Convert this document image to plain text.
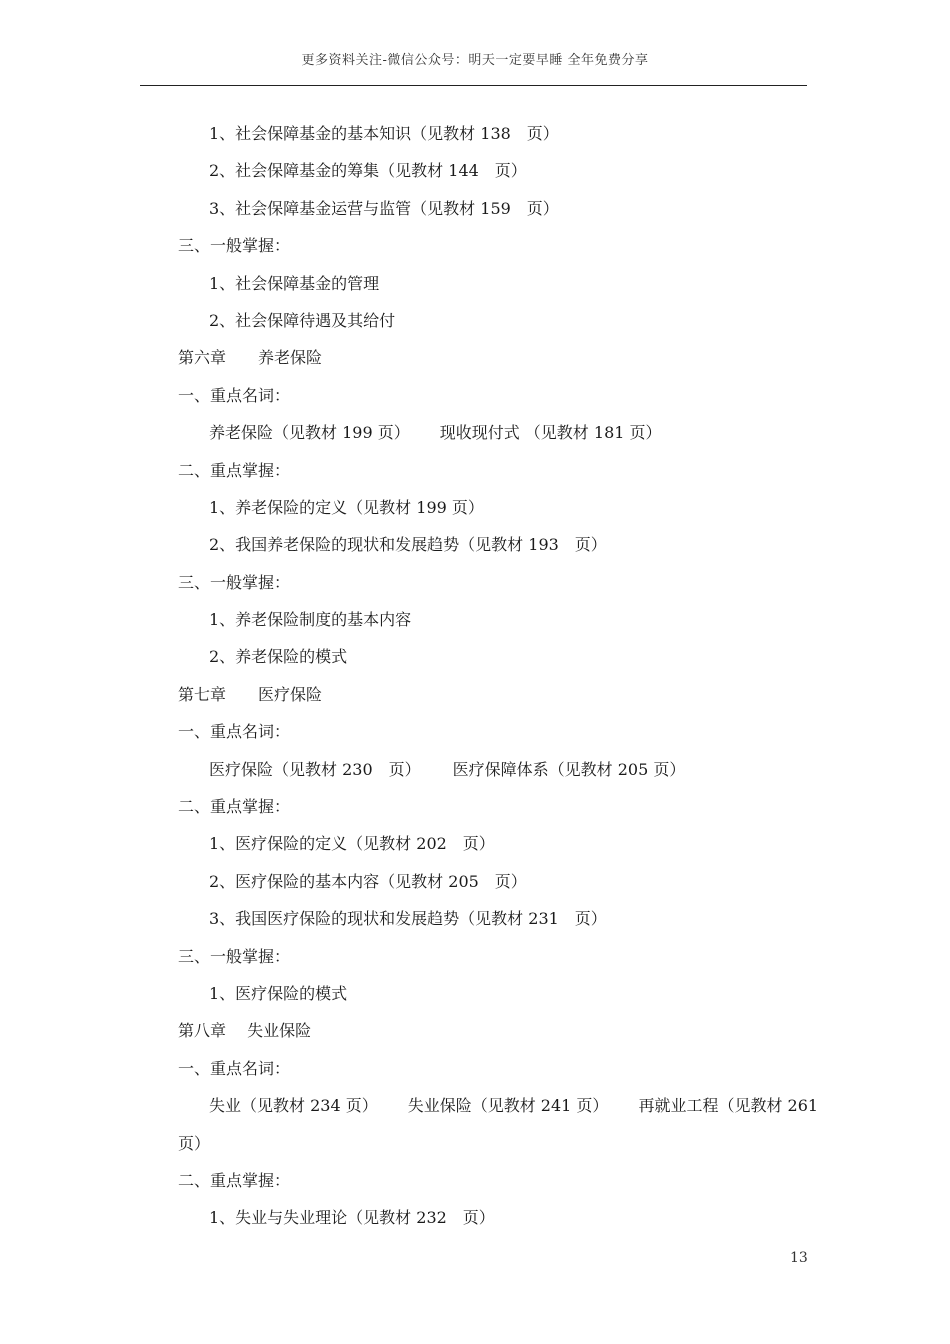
更多资料关注-微信公众号：明天一定要早睡 全年免费分享
1、社会保障基金的基本知识（见教材 138　页）
2、社会保障基金的筹集（见教材 144　页）
3、社会保障基金运营与监管（见教材 159　页）
三、一般掌握：
1、社会保障基金的管理
2、社会保障待遇及其给付
第六章　　养老保险
一、重点名词：
养老保险（见教材 199 页） 现收现付式 （见教材 181 页）
二、重点掌握：
1、养老保险的定义（见教材 199 页）
2、我国养老保险的现状和发展趋势（见教材 193　页）
三、一般掌握：
1、养老保险制度的基本内容
2、养老保险的模式
第七章　　医疗保险
一、重点名词：
医疗保险（见教材 230　页） 医疗保障体系（见教材 205 页）
二、重点掌握：
1、医疗保险的定义（见教材 202　页）
2、医疗保险的基本内容（见教材 205　页）
3、我国医疗保险的现状和发展趋势（见教材 231　页）
三、一般掌握：
1、医疗保险的模式
第八章　 失业保险
一、重点名词：
失业（见教材 234 页） 失业保险（见教材 241 页） 再就业工程（见教材 261
页）
二、重点掌握：
1、失业与失业理论（见教材 232　页）
13
